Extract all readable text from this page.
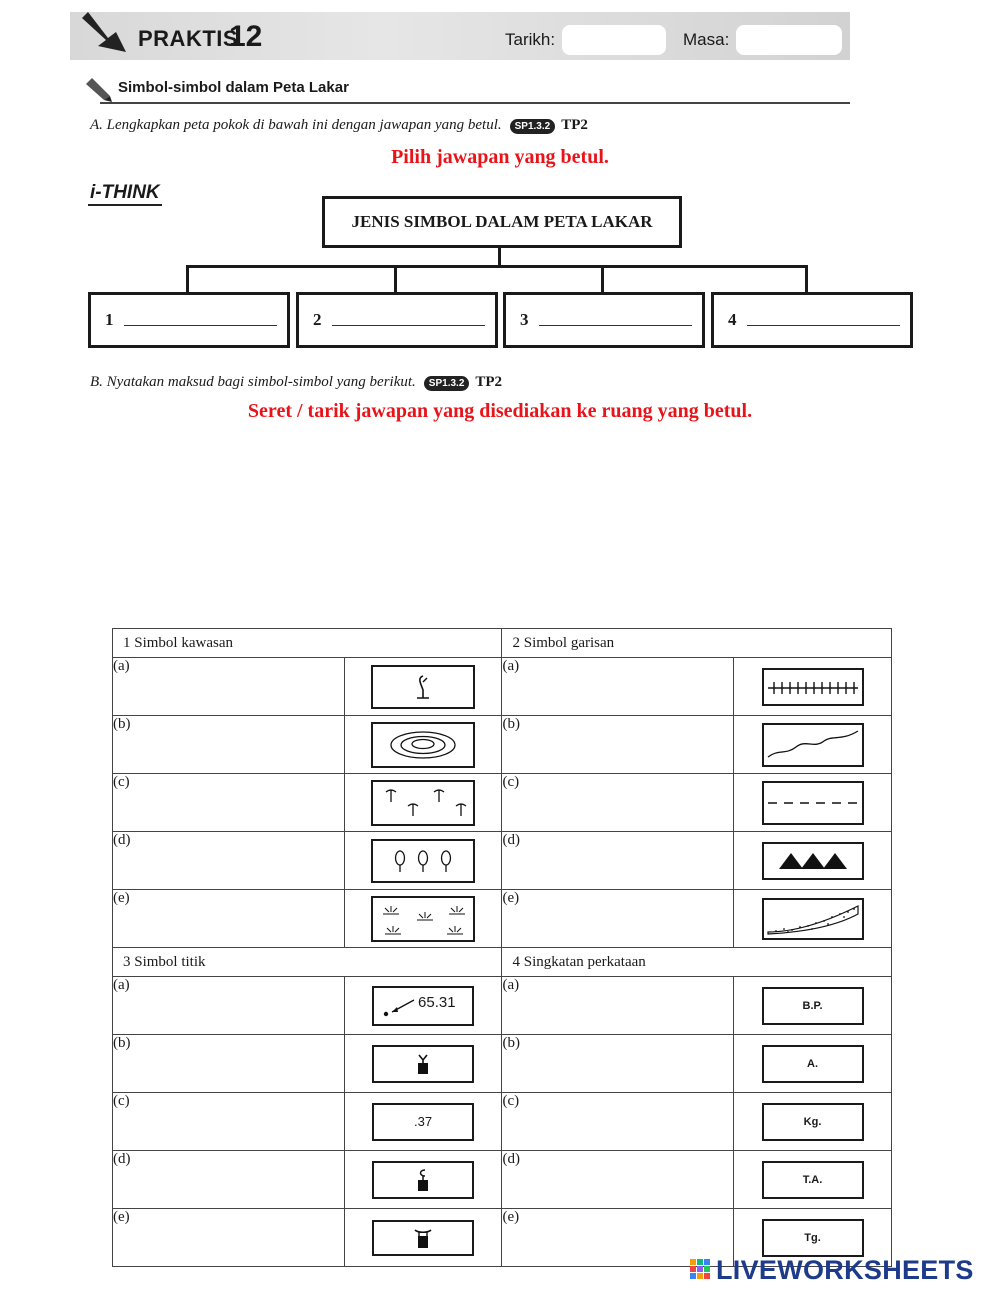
PRAKTIS
12	Tarikh:	Masa:
Simbol-simbol dalam Peta Lakar
A. Lengkapkan peta pokok di bawah ini dengan jawapan yang betul. SP1.3.2 TP2
Pilih jawapan yang betul.
i-THINK
JENIS SIMBOL DALAM PETA LAKAR
1	2	3	4
B. Nyatakan maksud bagi simbol-simbol yang berikut. SP1.3.2 TP2
Seret / tarik jawapan yang disediakan ke ruang yang betul.
1 Simbol kawasan		2 Simbol garisan	
(a)		(a)	

(b)		(b)	

(c)		(c)	

(d)		(d)	

(e)		(e)	

3 Simbol titik		4 Singkatan perkataan	
(a)	65.31	(a)	B.P.

(b)		(b)	A.

(c)	.37	(c)	Kg.

(d)		(d)	T.A.

(e)		(e)	Tg.
LIVEWORKSHEETS
